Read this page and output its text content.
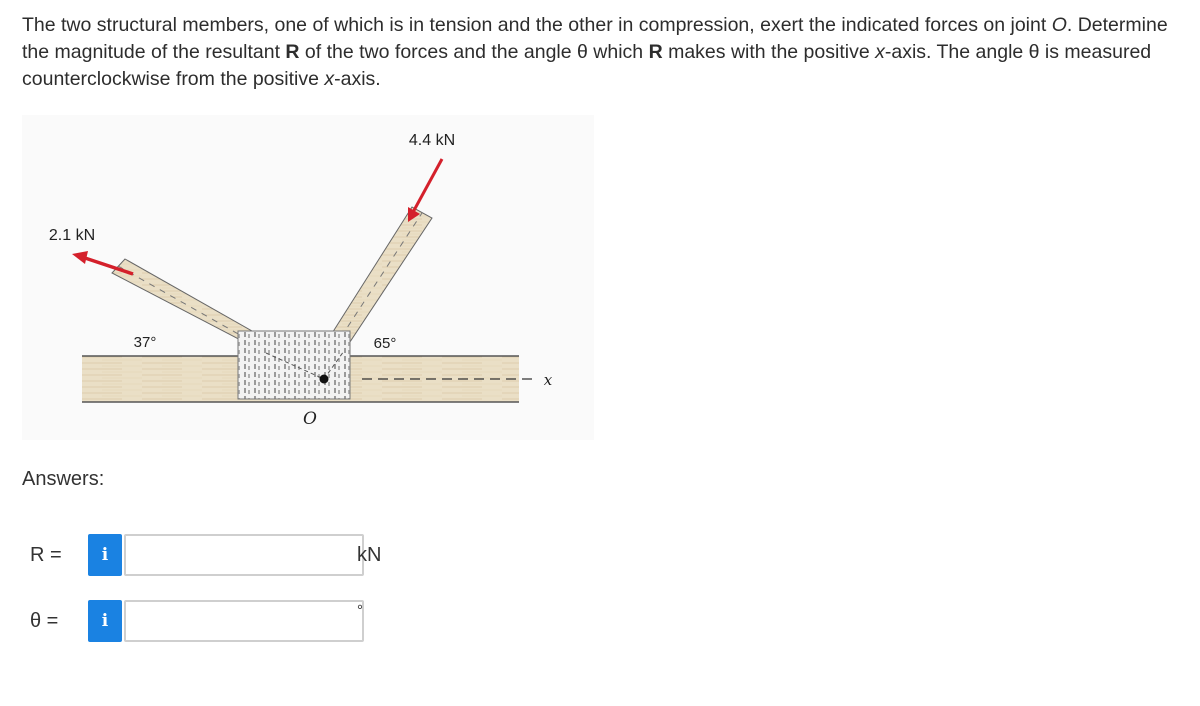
The two structural members, one of which is in tension and the other in compression, exert the indicated forces on joint O. Determine the magnitude of the resultant R of the two forces and the angle θ which R makes with the positive x-axis. The angle θ is measured counterclockwise from the positive x-axis.
4.4 kN
2.1 kN
37°	65°
O
x
Answers:
R =	i	kN
θ =	i
°
